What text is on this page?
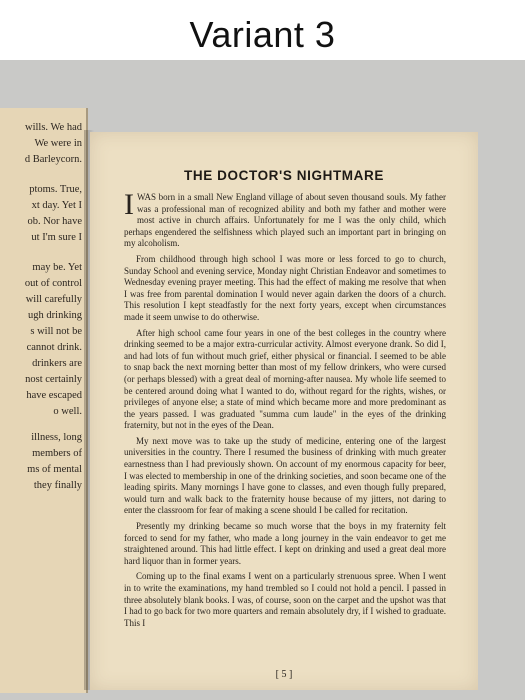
Variant 3
wills. We had
We were in
d Barleycorn.
ptoms. True,
xt day. Yet I
ob. Nor have
ut I'm sure I
may be. Yet
out of control
will carefully
ugh drinking
s will not be
cannot drink.
drinkers are
nost certainly
have escaped
o well.
illness, long
members of
ms of mental
they finally
THE DOCTOR'S NIGHTMARE

IWAS born in a small New England village of about seven thousand souls. My father was a professional man of recognized ability and both my father and mother were most active in church affairs. Unfortunately for me I was the only child, which perhaps engendered the selfishness which played such an important part in bringing on my alcoholism.

From childhood through high school I was more or less forced to go to church, Sunday School and evening service, Monday night Christian Endeavor and sometimes to Wednesday evening prayer meeting. This had the effect of making me resolve that when I was free from parental domination I would never again darken the doors of a church. This resolution I kept steadfastly for the next forty years, except when circumstances made it seem unwise to do otherwise.

After high school came four years in one of the best colleges in the country where drinking seemed to be a major extra-curricular activity. Almost everyone drank. So did I, and had lots of fun without much grief, either physical or financial. I seemed to be able to snap back the next morning better than most of my fellow drinkers, who were cursed (or perhaps blessed) with a great deal of morning-after nausea. My whole life seemed to be centered around doing what I wanted to do, without regard for the rights, wishes, or privileges of anyone else; a state of mind which became more and more predominant as the years passed. I was graduated "summa cum laude" in the eyes of the drinking fraternity, but not in the eyes of the Dean.

My next move was to take up the study of medicine, entering one of the largest universities in the country. There I resumed the business of drinking with much greater earnestness than I had previously shown. On account of my enormous capacity for beer, I was elected to membership in one of the drinking societies, and soon became one of the leading spirits. Many mornings I have gone to classes, and even though fully prepared, would turn and walk back to the fraternity house because of my jitters, not daring to enter the classroom for fear of making a scene should I be called for recitation.

Presently my drinking became so much worse that the boys in my fraternity felt forced to send for my father, who made a long journey in the vain endeavor to get me straightened around. This had little effect. I kept on drinking and used a great deal more hard liquor than in former years.

Coming up to the final exams I went on a particularly strenuous spree. When I went in to write the examinations, my hand trembled so I could not hold a pencil. I passed in three absolutely blank books. I was, of course, soon on the carpet and the upshot was that I had to go back for two more quarters and remain absolutely dry, if I wished to graduate. This I

[ 5 ]
